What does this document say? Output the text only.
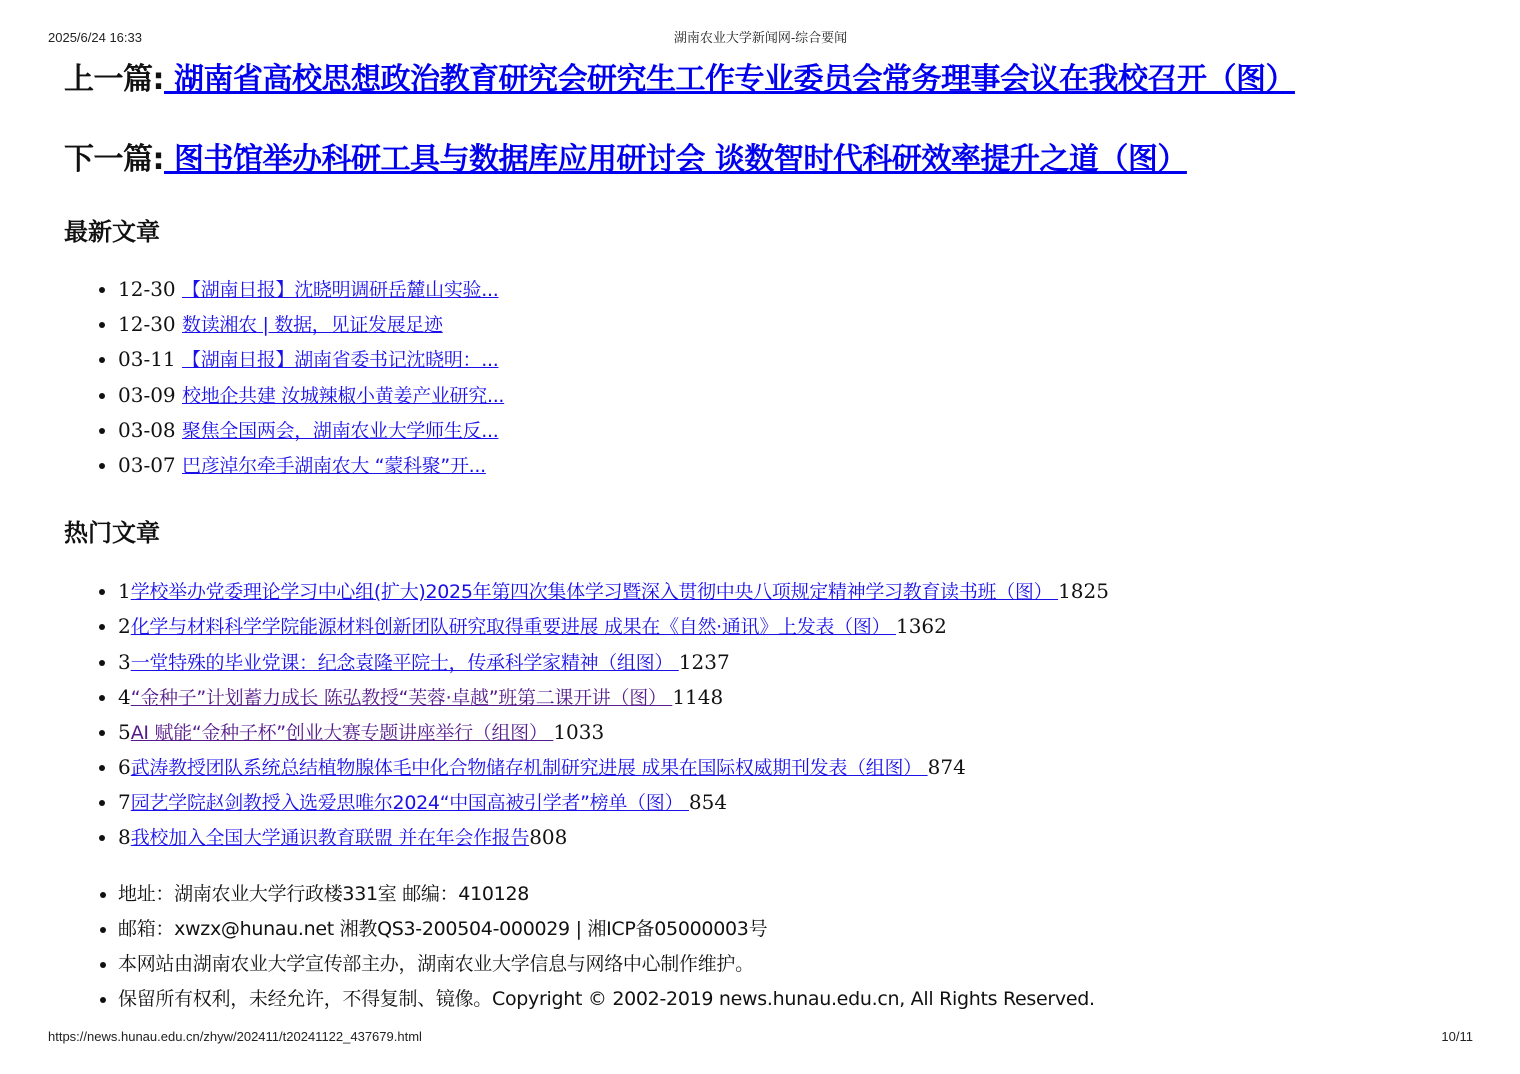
2025/6/24 16:33	湖南农业大学新闻网-综合要闻
上一篇: 湖南省高校思想政治教育研究会研究生工作专业委员会常务理事会议在我校召开（图）
下一篇: 图书馆举办科研工具与数据库应用研讨会 谈数智时代科研效率提升之道（图）
最新文章
• 12-30 【湖南日报】沈晓明调研岳麓山实验...
• 12-30 数读湘农 | 数据，见证发展足迹
• 03-11 【湖南日报】湖南省委书记沈晓明：...
• 03-09 校地企共建 汝城辣椒小黄姜产业研究...
• 03-08 聚焦全国两会，湖南农业大学师生反...
• 03-07 巴彦淖尔牵手湖南农大 “蒙科聚”开...
热门文章
• 1学校举办党委理论学习中心组(扩大)2025年第四次集体学习暨深入贯彻中央八项规定精神学习教育读书班（图） 1825
• 2化学与材料科学学院能源材料创新团队研究取得重要进展 成果在《自然·通讯》上发表（图） 1362
• 3一堂特殊的毕业党课：纪念袁隆平院士，传承科学家精神（组图） 1237
• 4“金种子”计划蓄力成长 陈弘教授“芙蓉·卓越”班第二课开讲（图） 1148
• 5AI 赋能“金种子杯”创业大赛专题讲座举行（组图） 1033
• 6武涛教授团队系统总结植物腺体毛中化合物储存机制研究进展 成果在国际权威期刊发表（组图） 874
• 7园艺学院赵剑教授入选爱思唯尔2024“中国高被引学者”榜单（图） 854
• 8我校加入全国大学通识教育联盟 并在年会作报告808
• 地址：湖南农业大学行政楼331室 邮编：410128
• 邮箱：xwzx@hunau.net 湘教QS3-200504-000029 | 湘ICP备05000003号
• 本网站由湖南农业大学宣传部主办，湖南农业大学信息与网络中心制作维护。
• 保留所有权利，未经允许，不得复制、镜像。Copyright © 2002-2019 news.hunau.edu.cn, All Rights Reserved.
https://news.hunau.edu.cn/zhyw/202411/t20241122_437679.html	10/11
